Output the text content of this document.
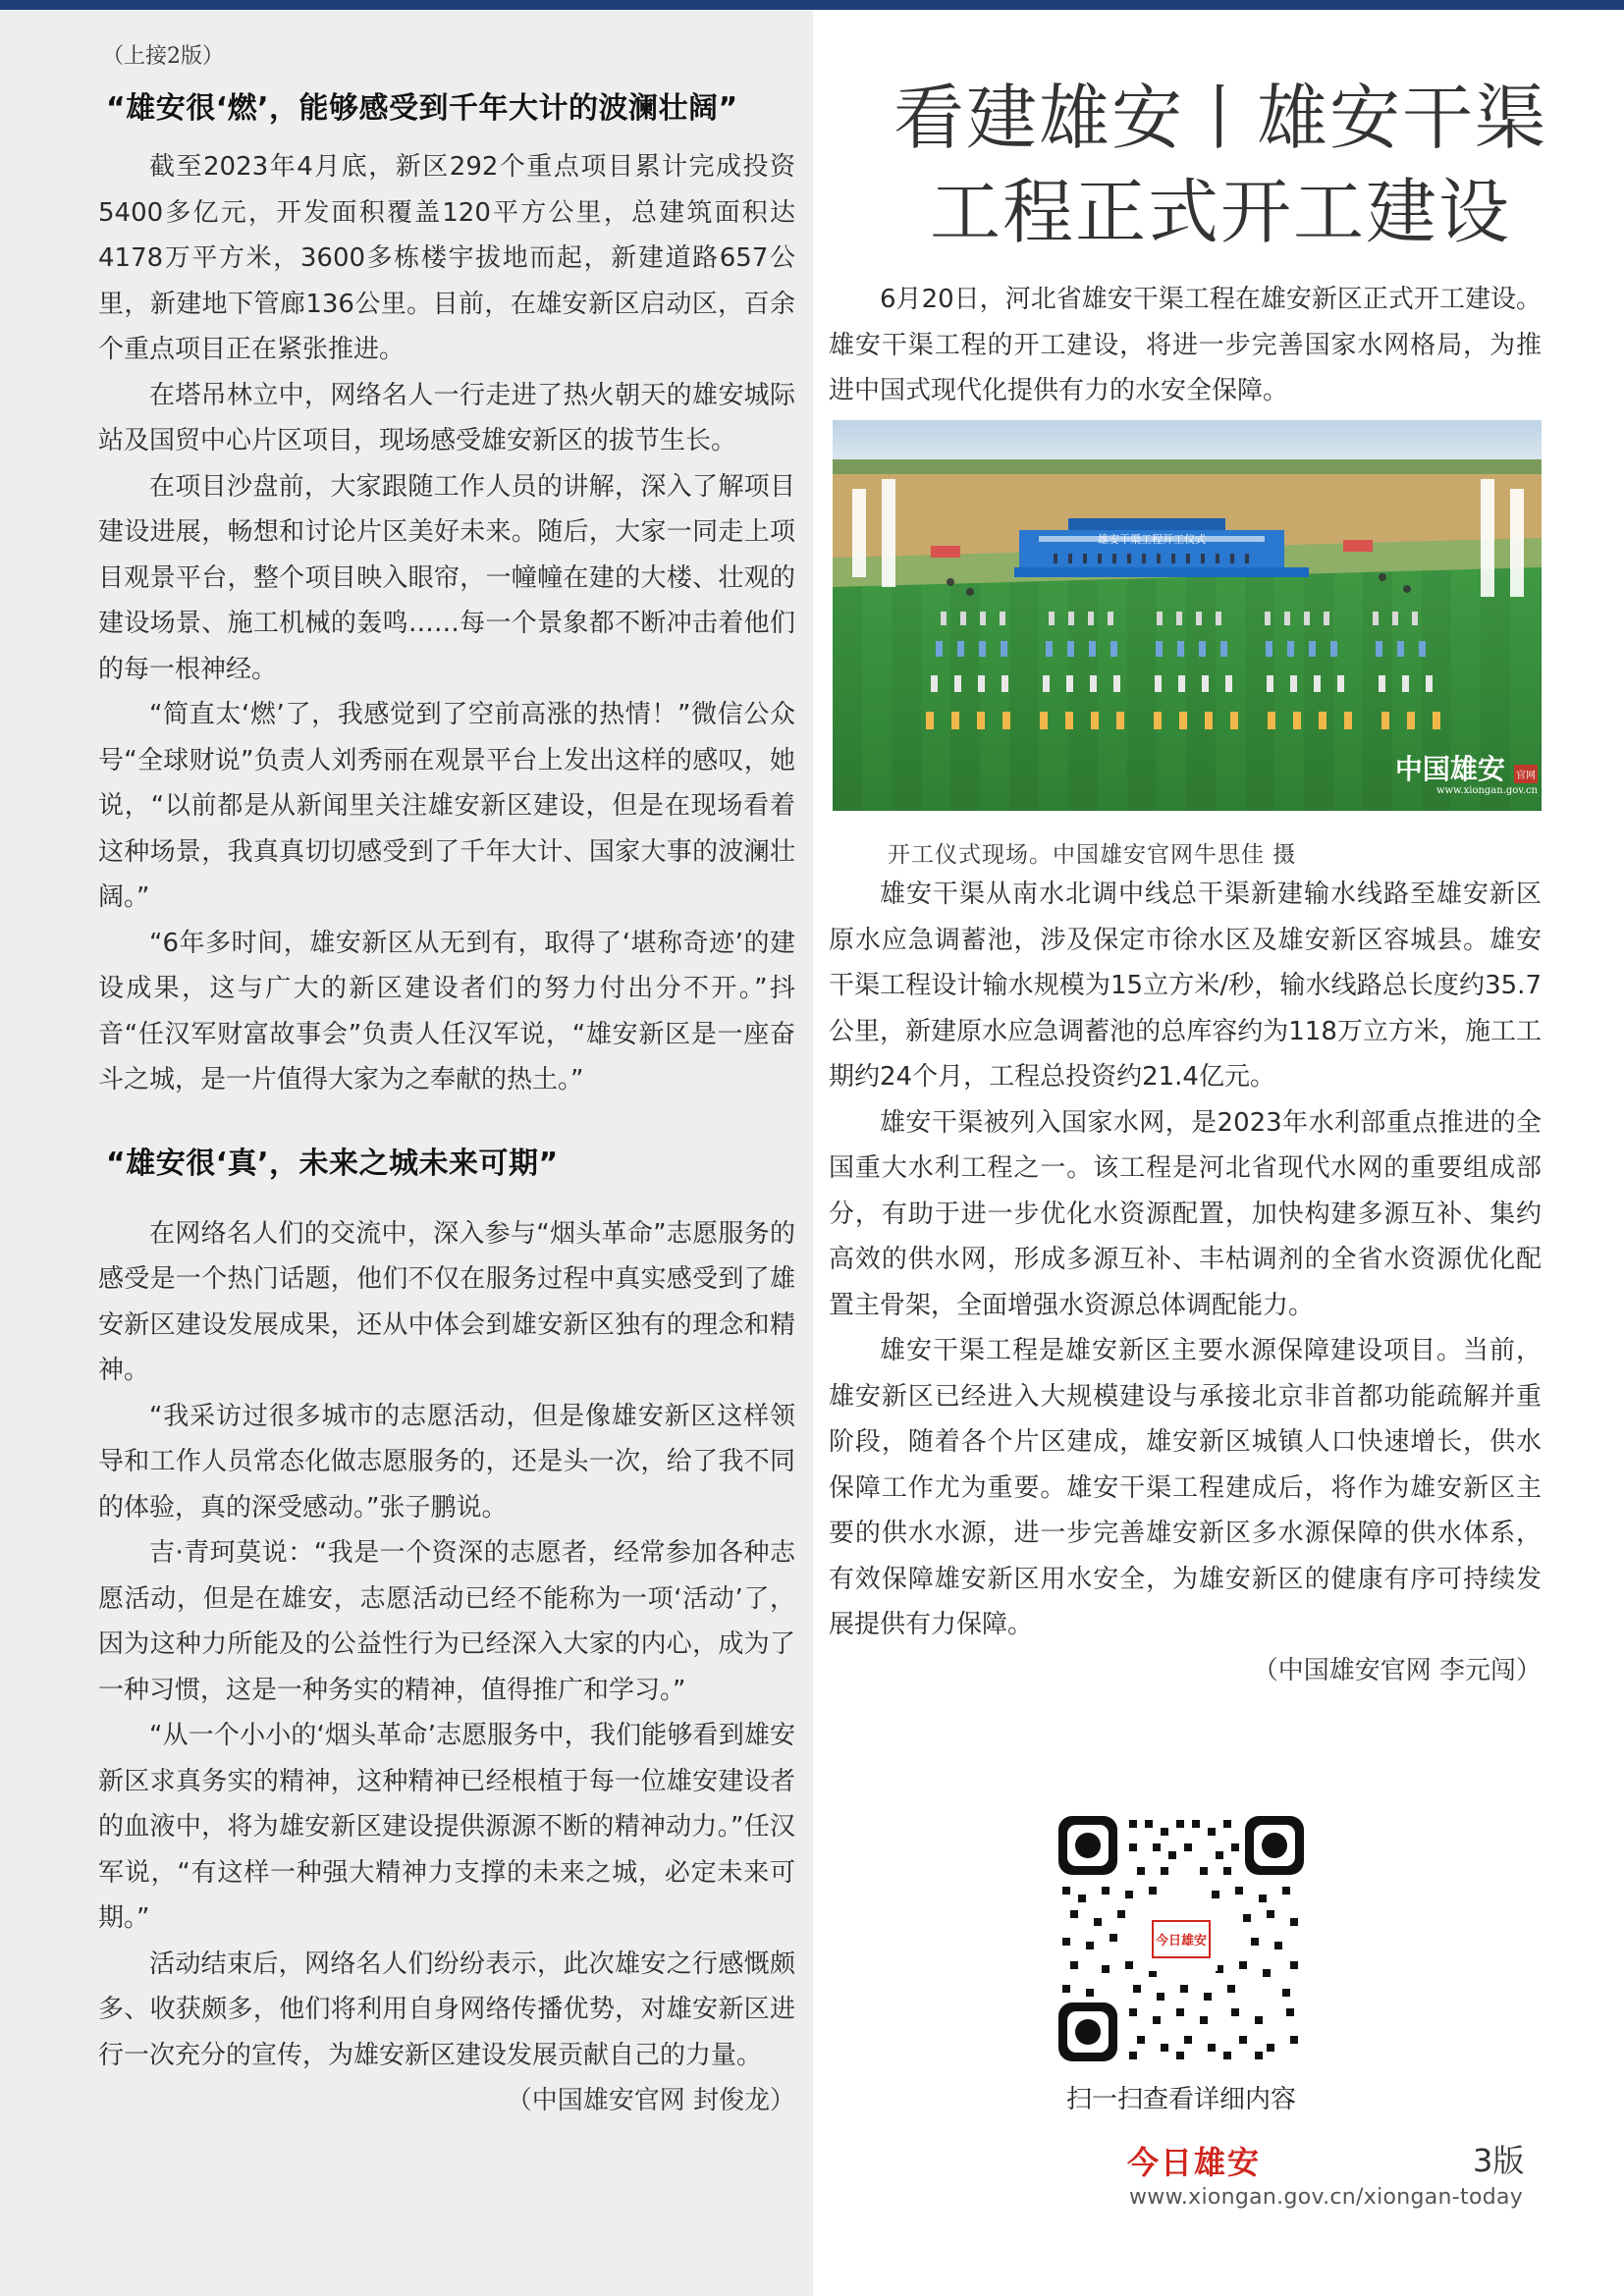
（上接2版）
“雄安很‘燃’，能够感受到千年大计的波澜壮阔”

截至2023年4月底，新区292个重点项目累计完成投资5400多亿元，开发面积覆盖120平方公里，总建筑面积达4178万平方米，3600多栋楼宇拔地而起，新建道路657公里，新建地下管廊136公里。目前，在雄安新区启动区，百余个重点项目正在紧张推进。

在塔吊林立中，网络名人一行走进了热火朝天的雄安城际站及国贸中心片区项目，现场感受雄安新区的拔节生长。

在项目沙盘前，大家跟随工作人员的讲解，深入了解项目建设进展，畅想和讨论片区美好未来。随后，大家一同走上项目观景平台，整个项目映入眼帘，一幢幢在建的大楼、壮观的建设场景、施工机械的轰鸣……每一个景象都不断冲击着他们的每一根神经。

“简直太‘燃’了，我感觉到了空前高涨的热情！”微信公众号“全球财说”负责人刘秀丽在观景平台上发出这样的感叹，她说，“以前都是从新闻里关注雄安新区建设，但是在现场看着这种场景，我真真切切感受到了千年大计、国家大事的波澜壮阔。”

“6年多时间，雄安新区从无到有，取得了‘堪称奇迹’的建设成果，这与广大的新区建设者们的努力付出分不开。”抖音“任汉军财富故事会”负责人任汉军说，“雄安新区是一座奋斗之城，是一片值得大家为之奉献的热土。”

“雄安很‘真’，未来之城未来可期”

在网络名人们的交流中，深入参与“烟头革命”志愿服务的感受是一个热门话题，他们不仅在服务过程中真实感受到了雄安新区建设发展成果，还从中体会到雄安新区独有的理念和精神。

“我采访过很多城市的志愿活动，但是像雄安新区这样领导和工作人员常态化做志愿服务的，还是头一次，给了我不同的体验，真的深受感动。”张子鹏说。

吉·青珂莫说：“我是一个资深的志愿者，经常参加各种志愿活动，但是在雄安，志愿活动已经不能称为一项‘活动’了，因为这种力所能及的公益性行为已经深入大家的内心，成为了一种习惯，这是一种务实的精神，值得推广和学习。”

“从一个小小的‘烟头革命’志愿服务中，我们能够看到雄安新区求真务实的精神，这种精神已经根植于每一位雄安建设者的血液中，将为雄安新区建设提供源源不断的精神动力。”任汉军说，“有这样一种强大精神力支撑的未来之城，必定未来可期。”

活动结束后，网络名人们纷纷表示，此次雄安之行感慨颇多、收获颇多，他们将利用自身网络传播优势，对雄安新区进行一次充分的宣传，为雄安新区建设发展贡献自己的力量。

（中国雄安官网 封俊龙）
看建雄安丨雄安干渠
工程正式开工建设

6月20日，河北省雄安干渠工程在雄安新区正式开工建设。雄安干渠工程的开工建设，将进一步完善国家水网格局，为推进中国式现代化提供有力的水安全保障。

雄安干渠工程开工仪式
中国雄安 官网
www.xiongan.gov.cn
开工仪式现场。中国雄安官网牛思佳 摄

雄安干渠从南水北调中线总干渠新建输水线路至雄安新区原水应急调蓄池，涉及保定市徐水区及雄安新区容城县。雄安干渠工程设计输水规模为15立方米/秒，输水线路总长度约35.7公里，新建原水应急调蓄池的总库容约为118万立方米，施工工期约24个月，工程总投资约21.4亿元。

雄安干渠被列入国家水网，是2023年水利部重点推进的全国重大水利工程之一。该工程是河北省现代水网的重要组成部分，有助于进一步优化水资源配置，加快构建多源互补、集约高效的供水网，形成多源互补、丰枯调剂的全省水资源优化配置主骨架，全面增强水资源总体调配能力。

雄安干渠工程是雄安新区主要水源保障建设项目。当前，雄安新区已经进入大规模建设与承接北京非首都功能疏解并重阶段，随着各个片区建成，雄安新区城镇人口快速增长，供水保障工作尤为重要。雄安干渠工程建成后，将作为雄安新区主要的供水水源，进一步完善雄安新区多水源保障的供水体系，有效保障雄安新区用水安全，为雄安新区的健康有序可持续发展提供有力保障。

（中国雄安官网 李元闯）
今日雄安
扫一扫查看详细内容
今日雄安	3版
www.xiongan.gov.cn/xiongan-today
